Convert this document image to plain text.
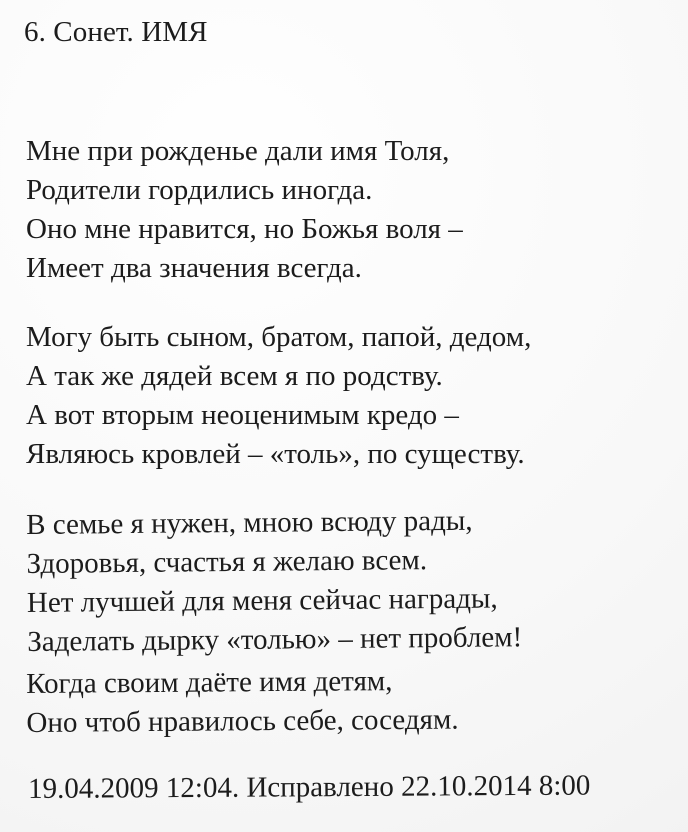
6. Сонет. ИМЯ
Мне при рожденье дали имя Толя,
Родители гордились иногда.
Оно мне нравится, но Божья воля –
Имеет два значения всегда.
Могу быть сыном, братом, папой, дедом,
А так же дядей всем я по родству.
А вот вторым неоценимым кредо –
Являюсь кровлей – «толь», по существу.
В семье я нужен, мною всюду рады,
Здоровья, счастья я желаю всем.
Нет лучшей для меня сейчас награды,
Заделать дырку «толью» – нет проблем!
Когда своим даёте имя детям,
Оно чтоб нравилось себе, соседям.
19.04.2009 12:04. Исправлено 22.10.2014 8:00
